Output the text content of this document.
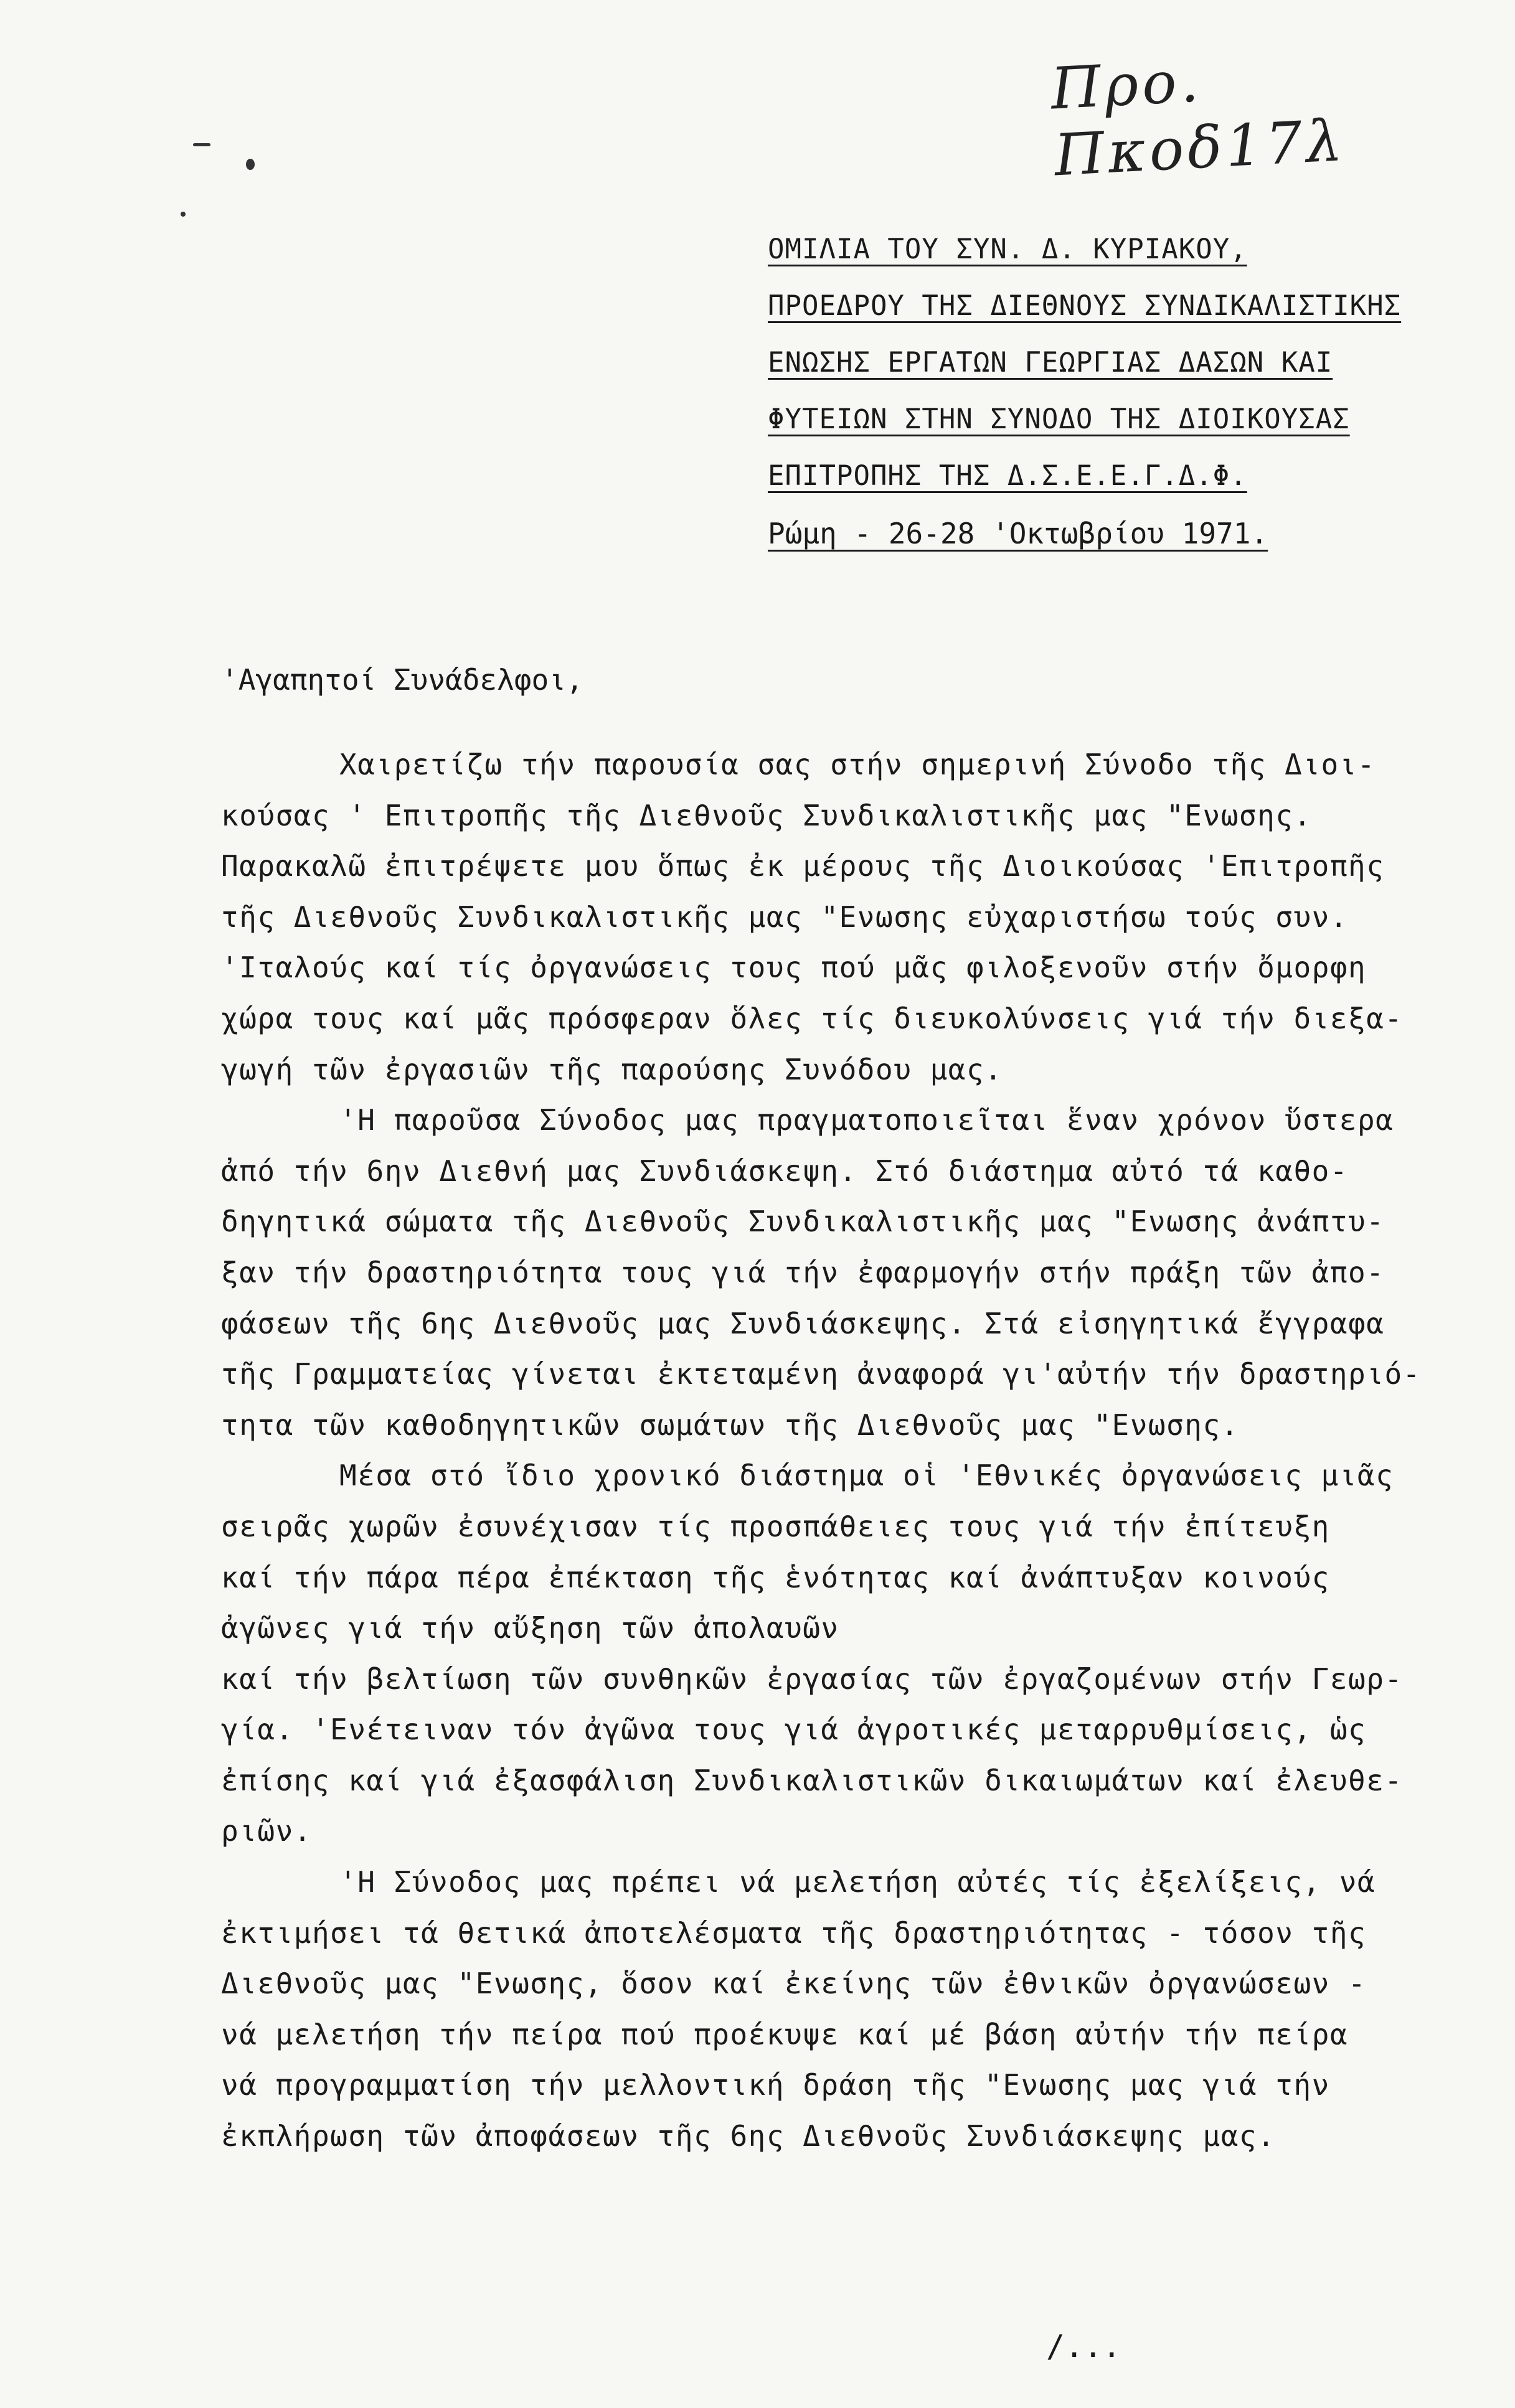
Προ. Πκοδ17λ
ΟΜΙΛΙΑ ΤΟΥ ΣΥΝ. Δ. ΚΥΡΙΑΚΟΥ,
ΠΡΟΕΔΡΟΥ ΤΗΣ ΔΙΕΘΝΟΥΣ ΣΥΝΔΙΚΑΛΙΣΤΙΚΗΣ
ΕΝΩΣΗΣ ΕΡΓΑΤΩΝ ΓΕΩΡΓΙΑΣ ΔΑΣΩΝ ΚΑΙ
ΦΥΤΕΙΩΝ ΣΤΗΝ ΣΥΝΟΔΟ ΤΗΣ ΔΙΟΙΚΟΥΣΑΣ
ΕΠΙΤΡΟΠΗΣ ΤΗΣ Δ.Σ.Ε.Ε.Γ.Δ.Φ.
Ρώμη - 26-28 'Οκτωβρίου 1971.
'Αγαπητοί Συνάδελφοι,
Χαιρετίζω τήν παρουσία σας στήν σημερινή Σύνοδο τῆς Διοι-
κούσας ' Επιτροπῆς τῆς Διεθνοῦς Συνδικαλιστικῆς μας "Ενωσης.
Παρακαλῶ ἐπιτρέψετε μου ὅπως ἐκ μέρους τῆς Διοικούσας 'Επιτροπῆς
τῆς Διεθνοῦς Συνδικαλιστικῆς μας "Ενωσης εὐχαριστήσω τούς συν.
'Ιταλούς καί τίς ὀργανώσεις τους πού μᾶς φιλοξενοῦν στήν ὄμορφη
χώρα τους καί μᾶς πρόσφεραν ὅλες τίς διευκολύνσεις γιά τήν διεξα-
γωγή τῶν ἐργασιῶν τῆς παρούσης Συνόδου μας.
'Η παροῦσα Σύνοδος μας πραγματοποιεῖται ἕναν χρόνον ὕστερα
ἀπό τήν 6ην Διεθνή μας Συνδιάσκεψη. Στό διάστημα αὐτό τά καθο-
δηγητικά σώματα τῆς Διεθνοῦς Συνδικαλιστικῆς μας "Ενωσης ἀνάπτυ-
ξαν τήν δραστηριότητα τους γιά τήν ἐφαρμογήν στήν πράξη τῶν ἀπο-
φάσεων τῆς 6ης Διεθνοῦς μας Συνδιάσκεψης. Στά εἰσηγητικά ἔγγραφα
τῆς Γραμματείας γίνεται ἐκτεταμένη ἀναφορά γι'αὐτήν τήν δραστηριό-
τητα τῶν καθοδηγητικῶν σωμάτων τῆς Διεθνοῦς μας "Ενωσης.
Μέσα στό ἴδιο χρονικό διάστημα οἱ 'Εθνικές ὀργανώσεις μιᾶς
σειρᾶς χωρῶν ἐσυνέχισαν τίς προσπάθειες τους γιά τήν ἐπίτευξη
καί τήν πάρα πέρα ἐπέκταση τῆς ἑνότητας καί ἀνάπτυξαν κοινούς
ἀγῶνες γιά τήν αὔξηση τῶν ἀπολαυῶν
καί τήν βελτίωση τῶν συνθηκῶν ἐργασίας τῶν ἐργαζομένων στήν Γεωρ-
γία. 'Ενέτειναν τόν ἀγῶνα τους γιά ἀγροτικές μεταρρυθμίσεις, ὡς
ἐπίσης καί γιά ἐξασφάλιση Συνδικαλιστικῶν δικαιωμάτων καί ἐλευθε-
ριῶν.
'Η Σύνοδος μας πρέπει νά μελετήση αὐτές τίς ἐξελίξεις, νά
ἐκτιμήσει τά θετικά ἀποτελέσματα τῆς δραστηριότητας - τόσον τῆς
Διεθνοῦς μας "Ενωσης, ὅσον καί ἐκείνης τῶν ἐθνικῶν ὀργανώσεων -
νά μελετήση τήν πείρα πού προέκυψε καί μέ βάση αὐτήν τήν πείρα
νά προγραμματίση τήν μελλοντική δράση τῆς "Ενωσης μας γιά τήν
ἐκπλήρωση τῶν ἀποφάσεων τῆς 6ης Διεθνοῦς Συνδιάσκεψης μας.
/...
